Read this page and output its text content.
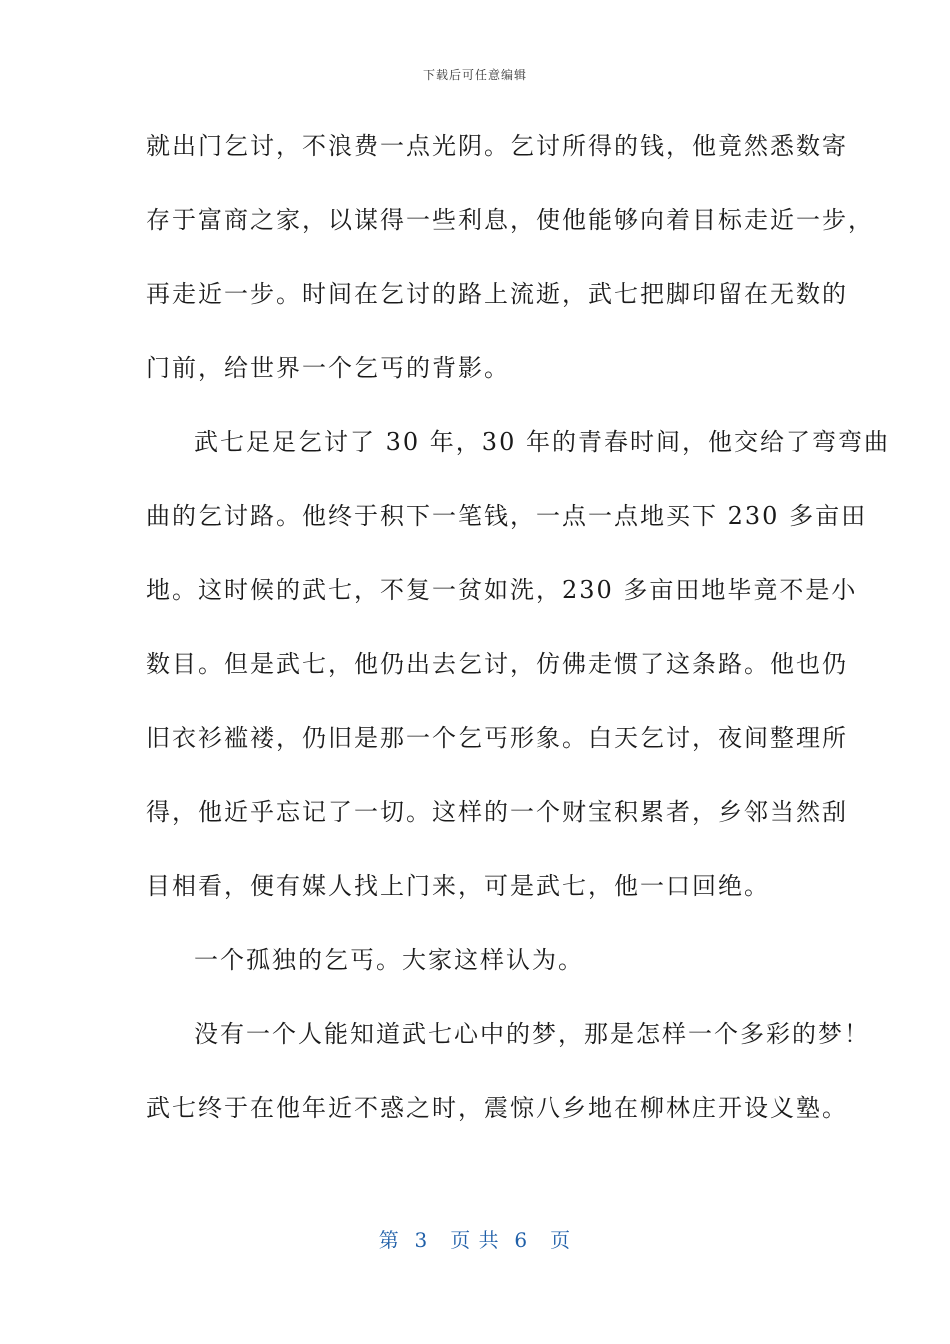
下载后可任意编辑
就出门乞讨，不浪费一点光阴。乞讨所得的钱，他竟然悉数寄
存于富商之家，以谋得一些利息，使他能够向着目标走近一步，
再走近一步。时间在乞讨的路上流逝，武七把脚印留在无数的
门前，给世界一个乞丐的背影。
武七足足乞讨了 30 年，30 年的青春时间，他交给了弯弯曲
曲的乞讨路。他终于积下一笔钱，一点一点地买下 230 多亩田
地。这时候的武七，不复一贫如洗，230 多亩田地毕竟不是小
数目。但是武七，他仍出去乞讨，仿佛走惯了这条路。他也仍
旧衣衫褴褛，仍旧是那一个乞丐形象。白天乞讨，夜间整理所
得，他近乎忘记了一切。这样的一个财宝积累者，乡邻当然刮
目相看，便有媒人找上门来，可是武七，他一口回绝。
一个孤独的乞丐。大家这样认为。
没有一个人能知道武七心中的梦，那是怎样一个多彩的梦！
武七终于在他年近不惑之时，震惊八乡地在柳林庄开设义塾。
第  3   页 共  6   页
